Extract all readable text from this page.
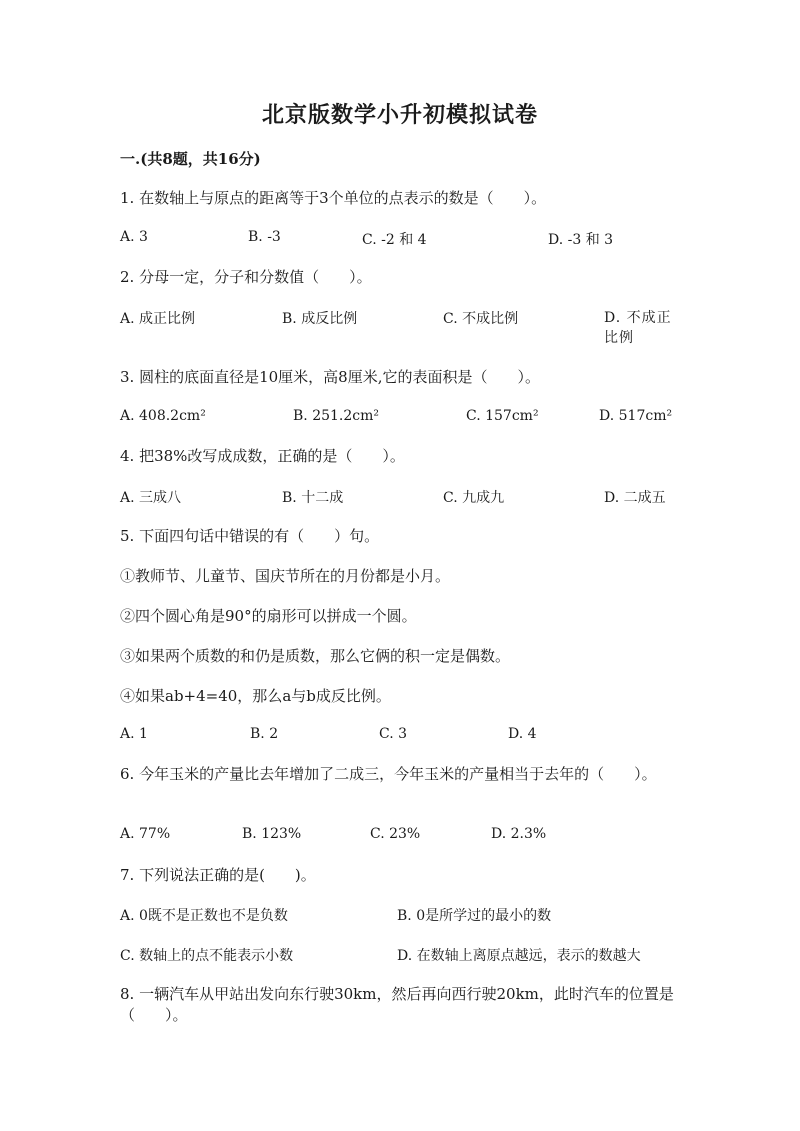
北京版数学小升初模拟试卷
一.(共8题，共16分)
1. 在数轴上与原点的距离等于3个单位的点表示的数是（　　）。
A. 3	B. -3	C. -2 和 4	D. -3 和 3
2. 分母一定，分子和分数值（　　）。
A. 成正比例	B. 成反比例	C. 不成比例	D. 不成正比例
3. 圆柱的底面直径是10厘米，高8厘米,它的表面积是（　　）。
A. 408.2cm²	B. 251.2cm²	C. 157cm²	D. 517cm²
4. 把38%改写成成数，正确的是（　　）。
A. 三成八	B. 十二成	C. 九成九	D. 二成五
5. 下面四句话中错误的有（　　）句。
①教师节、儿童节、国庆节所在的月份都是小月。
②四个圆心角是90°的扇形可以拼成一个圆。
③如果两个质数的和仍是质数，那么它俩的积一定是偶数。
④如果ab+4=40，那么a与b成反比例。
A. 1	B. 2	C. 3	D. 4
6. 今年玉米的产量比去年增加了二成三，今年玉米的产量相当于去年的（　　）。
A. 77%	B. 123%	C. 23%	D. 2.3%
7. 下列说法正确的是(　　)。
A. 0既不是正数也不是负数	B. 0是所学过的最小的数
C. 数轴上的点不能表示小数	D. 在数轴上离原点越远，表示的数越大
8. 一辆汽车从甲站出发向东行驶30km，然后再向西行驶20km，此时汽车的位置是（　　）。
